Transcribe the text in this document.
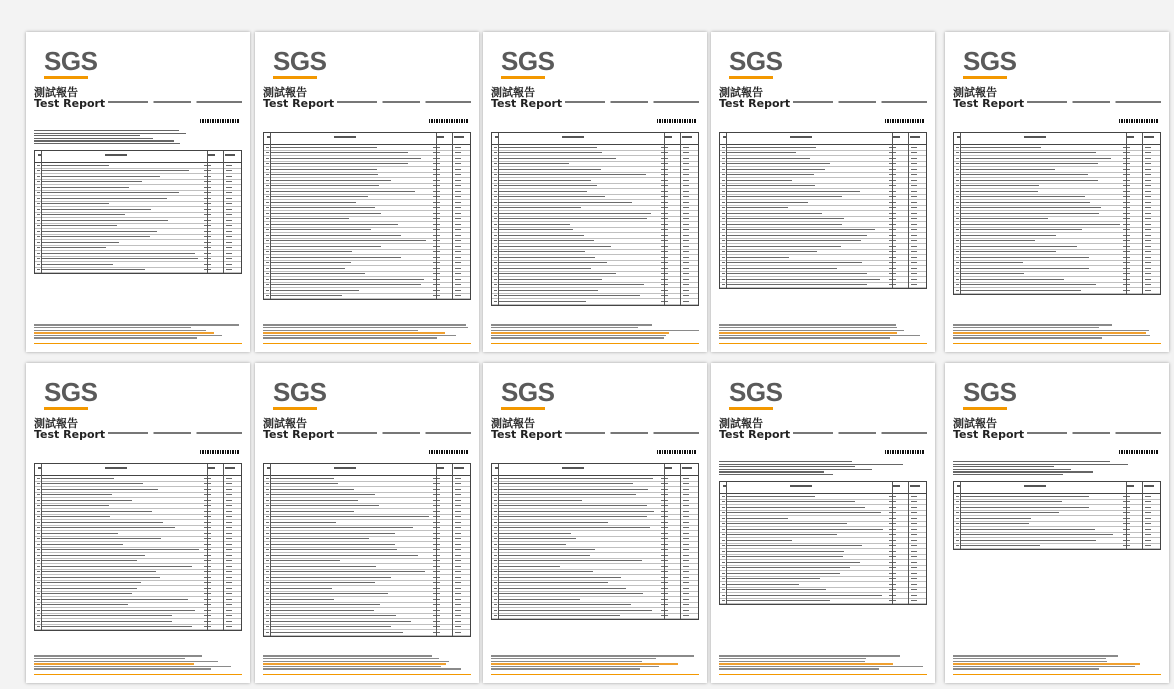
SGS
測試報告
Test Report
SGS
測試報告
Test Report
SGS
測試報告
Test Report
SGS
測試報告
Test Report
SGS
測試報告
Test Report
SGS
測試報告
Test Report
SGS
測試報告
Test Report
SGS
測試報告
Test Report
SGS
測試報告
Test Report
SGS
測試報告
Test Report
